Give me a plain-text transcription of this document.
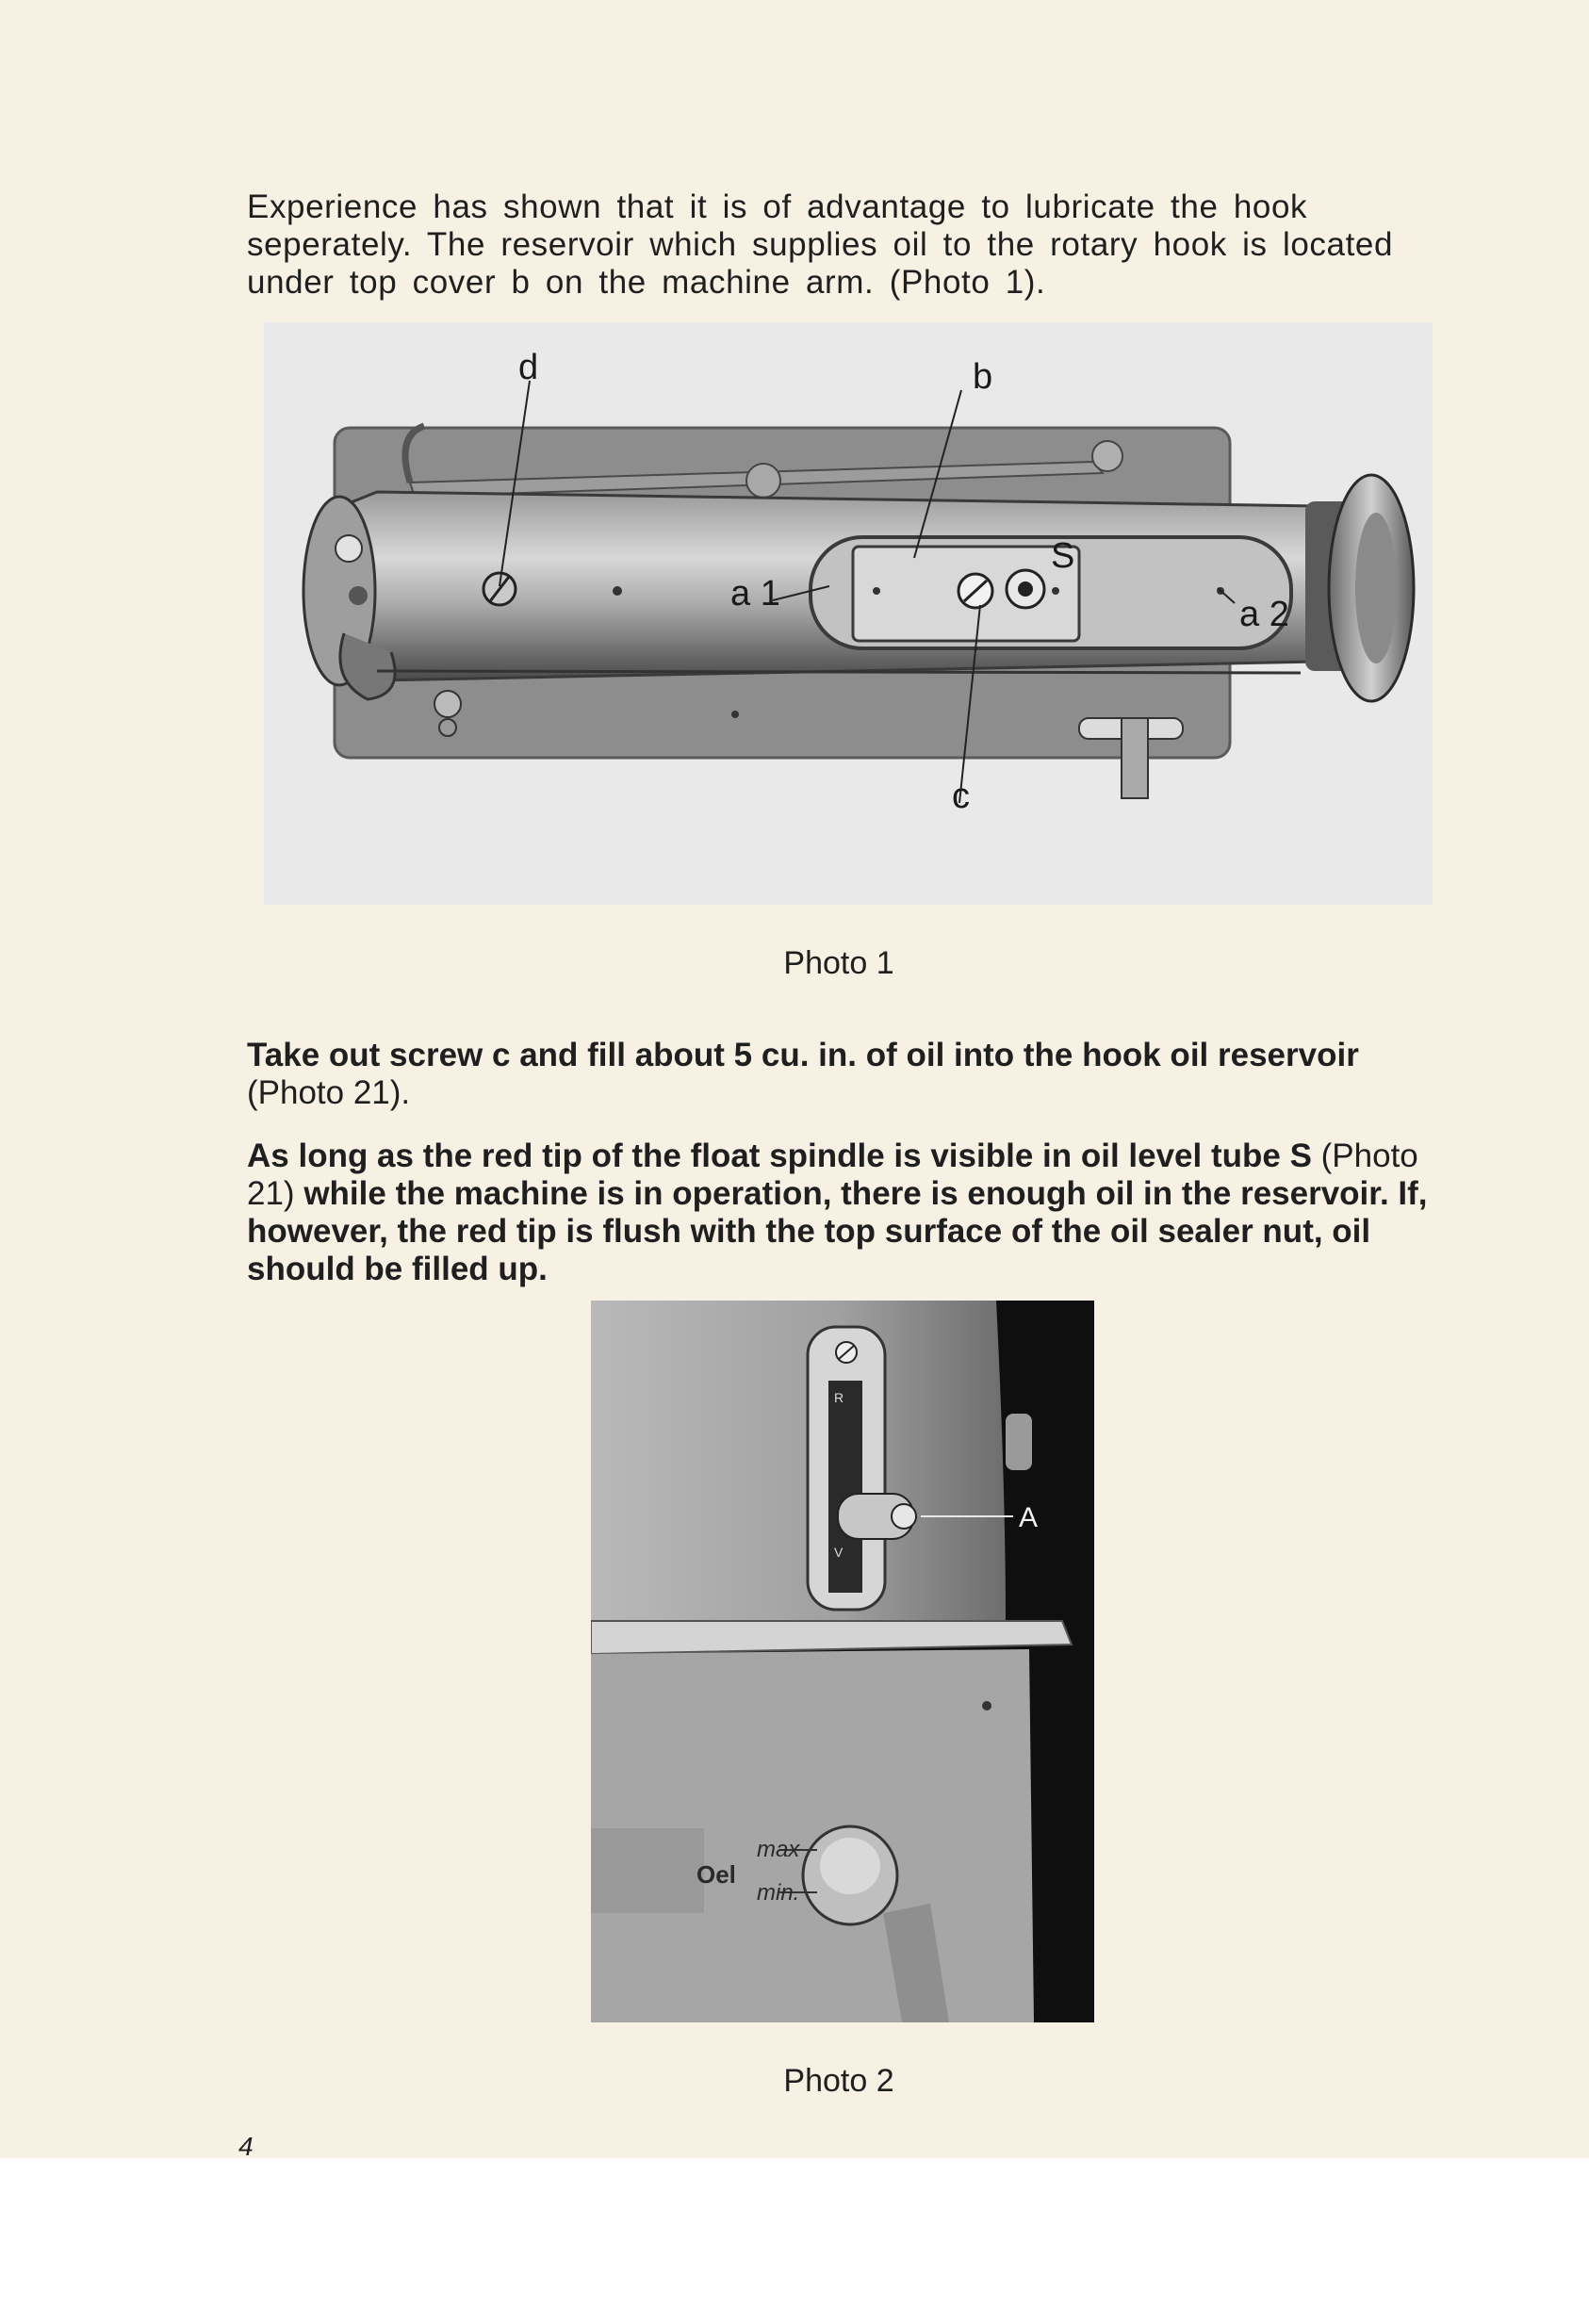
Experience has shown that it is of advantage to lubricate the hook seperately. The reservoir which supplies oil to the rotary hook is located under top cover b on the machine arm. (Photo 1).

d	b
S
a 1
a 2
c
Photo 1

Take out screw c and fill about 5 cu. in. of oil into the hook oil reservoir (Photo 21).

As long as the red tip of the float spindle is visible in oil level tube S (Photo 21) while the machine is in operation, there is enough oil in the reservoir. If, however, the red tip is flush with the top surface of the oil sealer nut, oil should be filled up.

A
max
min.
Oel
R
V
Photo 2
4
